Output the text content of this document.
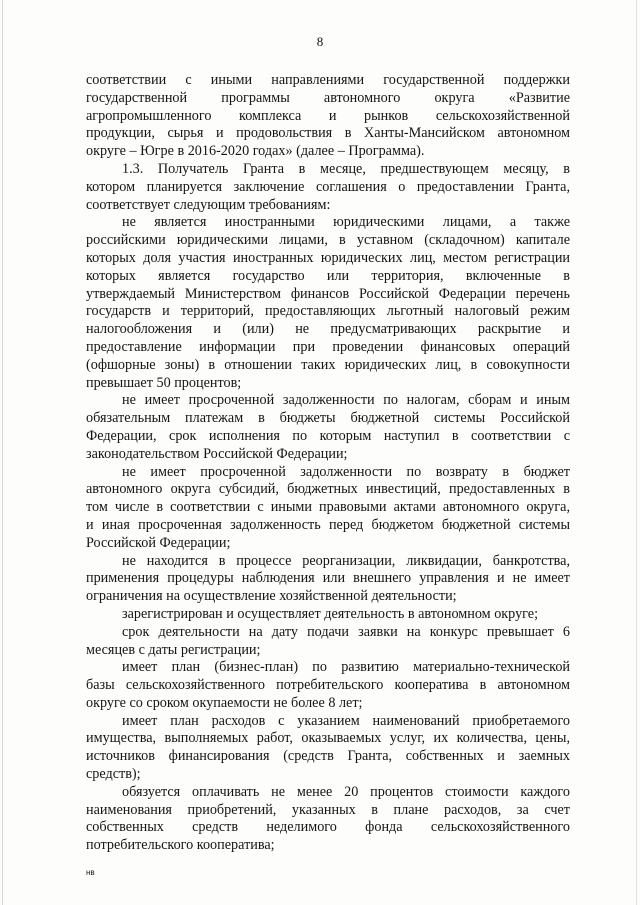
8
соответствии с иными направлениями государственной поддержки
государственной программы автономного округа «Развитие
агропромышленного комплекса и рынков сельскохозяйственной
продукции, сырья и продовольствия в Ханты-Мансийском автономном
округе – Югре в 2016-2020 годах» (далее – Программа).
1.3. Получатель Гранта в месяце, предшествующем месяцу, в
котором планируется заключение соглашения о предоставлении Гранта,
соответствует следующим требованиям:
не является иностранными юридическими лицами, а также
российскими юридическими лицами, в уставном (складочном) капитале
которых доля участия иностранных юридических лиц, местом регистрации
которых является государство или территория, включенные в
утверждаемый Министерством финансов Российской Федерации перечень
государств и территорий, предоставляющих льготный налоговый режим
налогообложения и (или) не предусматривающих раскрытие и
предоставление информации при проведении финансовых операций
(офшорные зоны) в отношении таких юридических лиц, в совокупности
превышает 50 процентов;
не имеет просроченной задолженности по налогам, сборам и иным
обязательным платежам в бюджеты бюджетной системы Российской
Федерации, срок исполнения по которым наступил в соответствии с
законодательством Российской Федерации;
не имеет просроченной задолженности по возврату в бюджет
автономного округа субсидий, бюджетных инвестиций, предоставленных в
том числе в соответствии с иными правовыми актами автономного округа,
и иная просроченная задолженность перед бюджетом бюджетной системы
Российской Федерации;
не находится в процессе реорганизации, ликвидации, банкротства,
применения процедуры наблюдения или внешнего управления и не имеет
ограничения на осуществление хозяйственной деятельности;
зарегистрирован и осуществляет деятельность в автономном округе;
срок деятельности на дату подачи заявки на конкурс превышает 6
месяцев с даты регистрации;
имеет план (бизнес-план) по развитию материально-технической
базы сельскохозяйственного потребительского кооператива в автономном
округе со сроком окупаемости не более 8 лет;
имеет план расходов с указанием наименований приобретаемого
имущества, выполняемых работ, оказываемых услуг, их количества, цены,
источников финансирования (средств Гранта, собственных и заемных
средств);
обязуется оплачивать не менее 20 процентов стоимости каждого
наименования приобретений, указанных в плане расходов, за счет
собственных средств неделимого фонда сельскохозяйственного
потребительского кооператива;
нв
